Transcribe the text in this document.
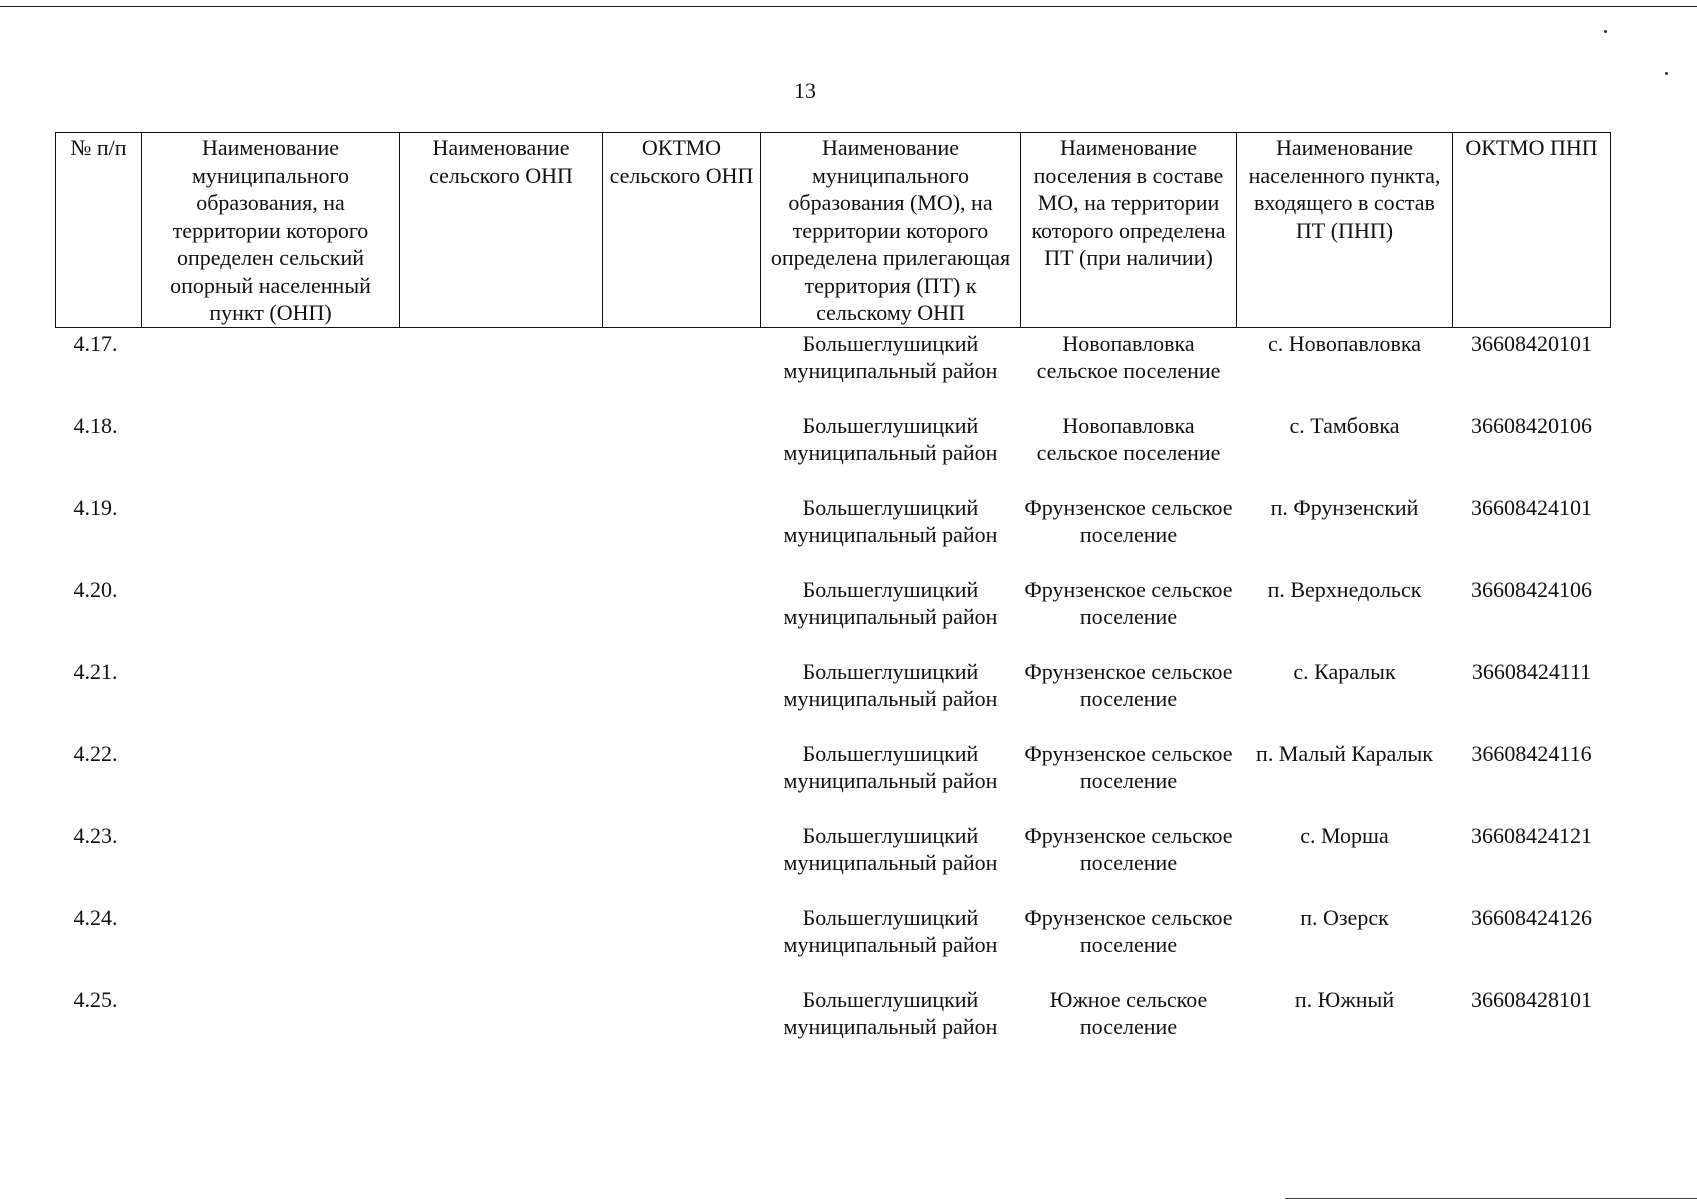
13
№ п/п	Наименование муниципального образования, на территории которого определен сельский опорный населенный пункт (ОНП)	Наименование сельского ОНП	ОКТМО сельского ОНП	Наименование муниципального образования (МО), на территории которого определена прилегающая территория (ПТ) к сельскому ОНП	Наименование поселения в составе МО, на территории которого определена ПТ (при наличии)	Наименование населенного пункта, входящего в состав ПТ (ПНП)	ОКТМО ПНП
4.17.				Большеглушицкий муниципальный район	Новопавловка сельское поселение	с. Новопавловка	36608420101
4.18.				Большеглушицкий муниципальный район	Новопавловка сельское поселение	с. Тамбовка	36608420106
4.19.				Большеглушицкий муниципальный район	Фрунзенское сельское поселение	п. Фрунзенский	36608424101
4.20.				Большеглушицкий муниципальный район	Фрунзенское сельское поселение	п. Верхнедольск	36608424106
4.21.				Большеглушицкий муниципальный район	Фрунзенское сельское поселение	с. Каралык	36608424111
4.22.				Большеглушицкий муниципальный район	Фрунзенское сельское поселение	п. Малый Каралык	36608424116
4.23.				Большеглушицкий муниципальный район	Фрунзенское сельское поселение	с. Морша	36608424121
4.24.				Большеглушицкий муниципальный район	Фрунзенское сельское поселение	п. Озерск	36608424126
4.25.				Большеглушицкий муниципальный район	Южное сельское поселение	п. Южный	36608428101
